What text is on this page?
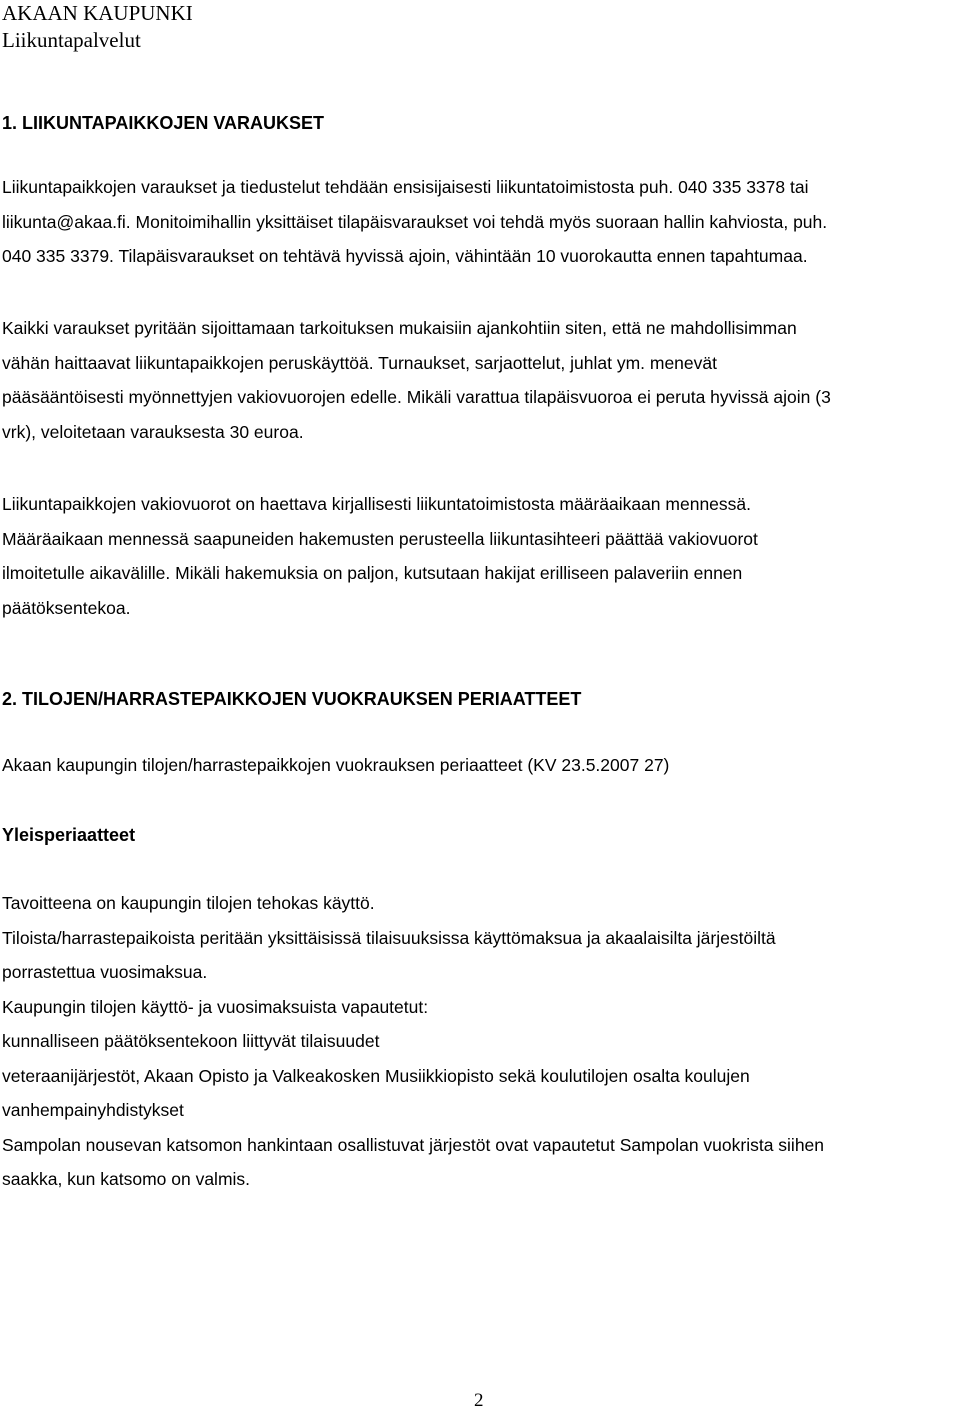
AKAAN KAUPUNKI
Liikuntapalvelut
1. LIIKUNTAPAIKKOJEN VARAUKSET

Liikuntapaikkojen varaukset ja tiedustelut tehdään ensisijaisesti liikuntatoimistosta puh. 040 335 3378 tai

liikunta@akaa.fi. Monitoimihallin yksittäiset tilapäisvaraukset voi tehdä myös suoraan hallin kahviosta, puh.

040 335 3379. Tilapäisvaraukset on tehtävä hyvissä ajoin, vähintään 10 vuorokautta ennen tapahtumaa.

Kaikki varaukset pyritään sijoittamaan tarkoituksen mukaisiin ajankohtiin siten, että ne mahdollisimman

vähän haittaavat liikuntapaikkojen peruskäyttöä. Turnaukset, sarjaottelut, juhlat ym. menevät

pääsääntöisesti myönnettyjen vakiovuorojen edelle. Mikäli varattua tilapäisvuoroa ei peruta hyvissä ajoin (3

vrk), veloitetaan varauksesta 30 euroa.

Liikuntapaikkojen vakiovuorot on haettava kirjallisesti liikuntatoimistosta määräaikaan mennessä.

Määräaikaan mennessä saapuneiden hakemusten perusteella liikuntasihteeri päättää vakiovuorot

ilmoitetulle aikavälille. Mikäli hakemuksia on paljon, kutsutaan hakijat erilliseen palaveriin ennen

päätöksentekoa.

2. TILOJEN/HARRASTEPAIKKOJEN VUOKRAUKSEN PERIAATTEET

Akaan kaupungin tilojen/harrastepaikkojen vuokrauksen periaatteet (KV 23.5.2007 27)

Yleisperiaatteet

Tavoitteena on kaupungin tilojen tehokas käyttö.

Tiloista/harrastepaikoista peritään yksittäisissä tilaisuuksissa käyttömaksua ja akaalaisilta järjestöiltä

porrastettua vuosimaksua.

Kaupungin tilojen käyttö- ja vuosimaksuista vapautetut:

kunnalliseen päätöksentekoon liittyvät tilaisuudet

veteraanijärjestöt, Akaan Opisto ja Valkeakosken Musiikkiopisto sekä koulutilojen osalta koulujen

vanhempainyhdistykset

Sampolan nousevan katsomon hankintaan osallistuvat järjestöt ovat vapautetut Sampolan vuokrista siihen

saakka, kun katsomo on valmis.

2
